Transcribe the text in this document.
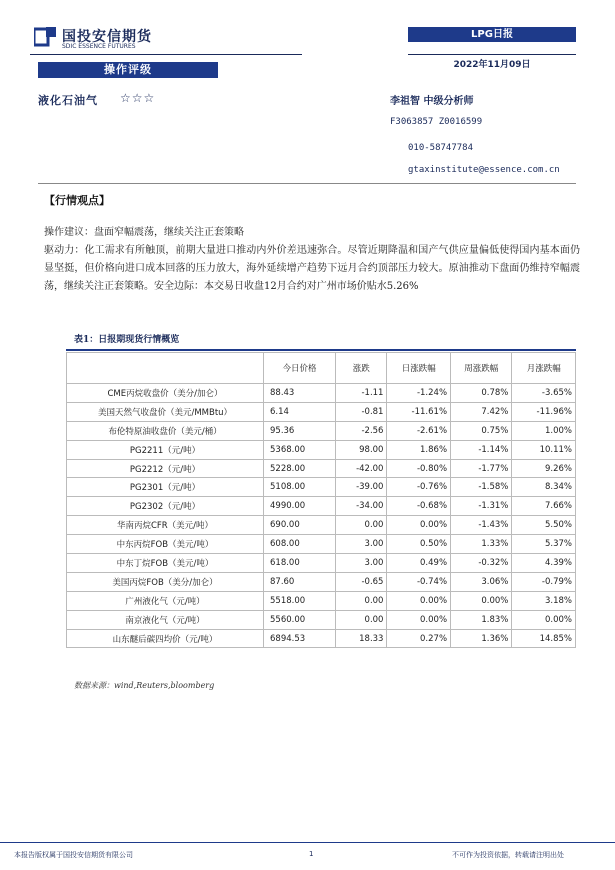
国投安信期货
SDIC ESSENCE FUTURES
LPG日报
2022年11月09日
操作评级
液化石油气 ☆☆☆	李祖智 中级分析师
F3063857 Z0016599
010-58747784
gtaxinstitute@essence.com.cn
【行情观点】

操作建议：盘面窄幅震荡，继续关注正套策略

驱动力：化工需求有所触顶，前期大量进口推动内外价差迅速弥合。尽管近期降温和国产气供应量偏低使得国内基本面仍显坚挺，但价格向进口成本回落的压力放大，海外延续增产趋势下远月合约顶部压力较大。原油推动下盘面仍维持窄幅震荡，继续关注正套策略。安全边际：本交易日收盘12月合约对广州市场价贴水5.26%

表1：日报期现货行情概览
	今日价格	涨跌	日涨跌幅	周涨跌幅	月涨跌幅
CME丙烷收盘价（美分/加仑）	88.43	-1.11	-1.24%	0.78%	-3.65%
美国天然气收盘价（美元/MMBtu）	6.14	-0.81	-11.61%	7.42%	-11.96%
布伦特原油收盘价（美元/桶）	95.36	-2.56	-2.61%	0.75%	1.00%
PG2211（元/吨）	5368.00	98.00	1.86%	-1.14%	10.11%
PG2212（元/吨）	5228.00	-42.00	-0.80%	-1.77%	9.26%
PG2301（元/吨）	5108.00	-39.00	-0.76%	-1.58%	8.34%
PG2302（元/吨）	4990.00	-34.00	-0.68%	-1.31%	7.66%
华南丙烷CFR（美元/吨）	690.00	0.00	0.00%	-1.43%	5.50%
中东丙烷FOB（美元/吨）	608.00	3.00	0.50%	1.33%	5.37%
中东丁烷FOB（美元/吨）	618.00	3.00	0.49%	-0.32%	4.39%
美国丙烷FOB（美分/加仑）	87.60	-0.65	-0.74%	3.06%	-0.79%
广州液化气（元/吨）	5518.00	0.00	0.00%	0.00%	3.18%
南京液化气（元/吨）	5560.00	0.00	0.00%	1.83%	0.00%
山东醚后碳四均价（元/吨）	6894.53	18.33	0.27%	1.36%	14.85%
数据来源：wind,Reuters,bloomberg
本报告版权属于国投安信期货有限公司	1	不可作为投资依据，转载请注明出处
